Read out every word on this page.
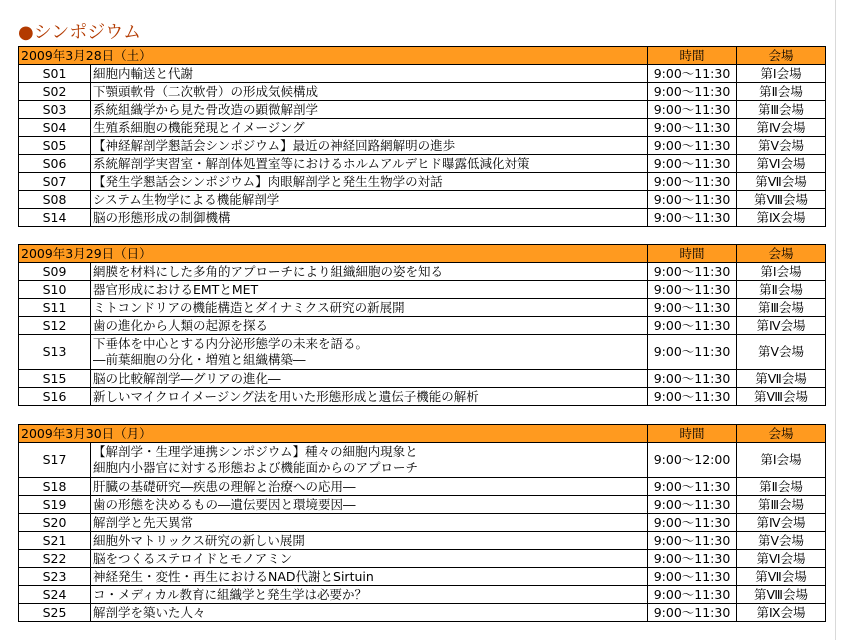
●シンポジウム
2009年3月28日（土）		時間	会場
S01	細胞内輸送と代謝	9:00～11:30	第Ⅰ会場
S02	下顎頭軟骨（二次軟骨）の形成気候構成	9:00～11:30	第Ⅱ会場
S03	系統組織学から見た骨改造の顕微解剖学	9:00～11:30	第Ⅲ会場
S04	生殖系細胞の機能発現とイメージング	9:00～11:30	第Ⅳ会場
S05	【神経解剖学懇話会シンポジウム】最近の神経回路網解明の進歩	9:00～11:30	第Ⅴ会場
S06	系統解剖学実習室・解剖体処置室等におけるホルムアルデヒド曝露低減化対策	9:00～11:30	第Ⅵ会場
S07	【発生学懇話会シンポジウム】肉眼解剖学と発生生物学の対話	9:00～11:30	第Ⅶ会場
S08	システム生物学による機能解剖学	9:00～11:30	第Ⅷ会場
S14	脳の形態形成の制御機構	9:00～11:30	第Ⅸ会場
2009年3月29日（日）		時間	会場
S09	網膜を材料にした多角的アプローチにより組織細胞の姿を知る	9:00～11:30	第Ⅰ会場
S10	器官形成におけるEMTとMET	9:00～11:30	第Ⅱ会場
S11	ミトコンドリアの機能構造とダイナミクス研究の新展開	9:00～11:30	第Ⅲ会場
S12	歯の進化から人類の起源を探る	9:00～11:30	第Ⅳ会場
S13	下垂体を中心とする内分泌形態学の未来を語る。
―前葉細胞の分化・増殖と組織構築―	9:00～11:30	第Ⅴ会場
S15	脳の比較解剖学―グリアの進化―	9:00～11:30	第Ⅶ会場
S16	新しいマイクロイメージング法を用いた形態形成と遺伝子機能の解析	9:00～11:30	第Ⅷ会場
2009年3月30日（月）		時間	会場
S17	【解剖学・生理学連携シンポジウム】種々の細胞内現象と
細胞内小器官に対する形態および機能面からのアプローチ	9:00～12:00	第Ⅰ会場
S18	肝臓の基礎研究―疾患の理解と治療への応用―	9:00～11:30	第Ⅱ会場
S19	歯の形態を決めるもの―遺伝要因と環境要因―	9:00～11:30	第Ⅲ会場
S20	解剖学と先天異常	9:00～11:30	第Ⅳ会場
S21	細胞外マトリックス研究の新しい展開	9:00～11:30	第Ⅴ会場
S22	脳をつくるステロイドとモノアミン	9:00～11:30	第Ⅵ会場
S23	神経発生・変性・再生におけるNAD代謝とSirtuin	9:00～11:30	第Ⅶ会場
S24	コ・メディカル教育に組織学と発生学は必要か？	9:00～11:30	第Ⅷ会場
S25	解剖学を築いた人々	9:00～11:30	第Ⅸ会場
